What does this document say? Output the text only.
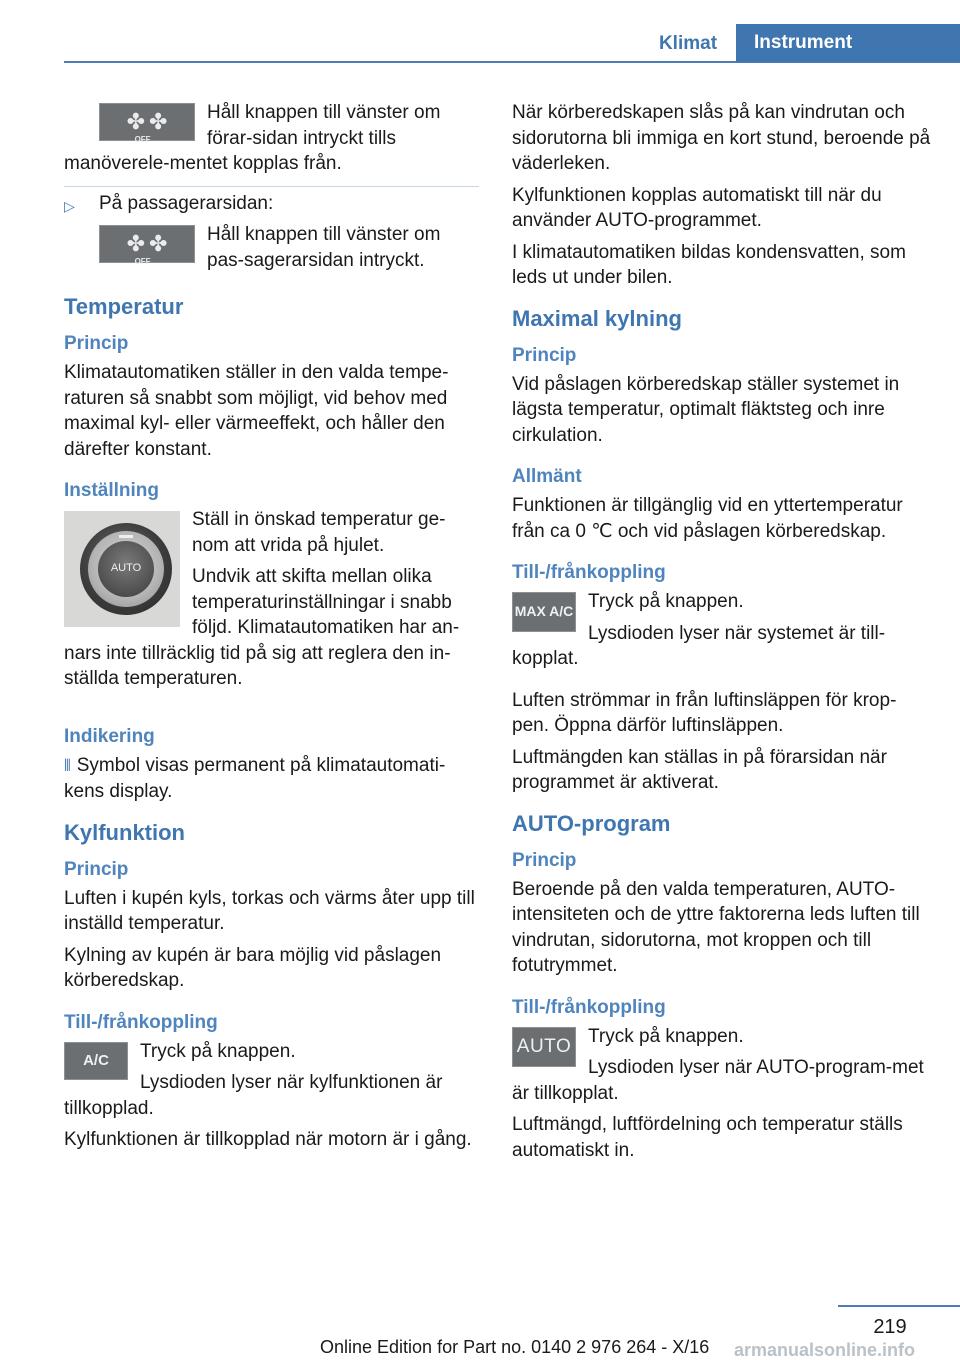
Klimat	Instrument
✤
OFF
✤	Håll knappen till vänster om förar-sidan intryckt tills manöverele-mentet kopplas från.

▷ På passagerarsidan:

✤
OFF
✤	Håll knappen till vänster om pas-sagerarsidan intryckt.

Temperatur
Princip

Klimatautomatiken ställer in den valda tempe-raturen så snabbt som möjligt, vid behov med maximal kyl- eller värmeeffekt, och håller den därefter konstant.

Inställning
AUTO

Ställ in önskad temperatur ge-nom att vrida på hjulet.

Undvik att skifta mellan olika temperaturinställningar i snabb följd. Klimatautomatiken har an-nars inte tillräcklig tid på sig att reglera den in-ställda temperaturen.

Indikering

⫴ Symbol visas permanent på klimatautomati-kens display.

Kylfunktion
Princip

Luften i kupén kyls, torkas och värms åter upp till inställd temperatur.

Kylning av kupén är bara möjlig vid påslagen körberedskap.

Till-/frånkoppling
A/C	Tryck på knappen.

Lysdioden lyser när kylfunktionen är tillkopplad.

Kylfunktionen är tillkopplad när motorn är i gång.

När körberedskapen slås på kan vindrutan och sidorutorna bli immiga en kort stund, beroende på väderleken.

Kylfunktionen kopplas automatiskt till när du använder AUTO-programmet.

I klimatautomatiken bildas kondensvatten, som leds ut under bilen.

Maximal kylning
Princip

Vid påslagen körberedskap ställer systemet in lägsta temperatur, optimalt fläktsteg och inre cirkulation.

Allmänt

Funktionen är tillgänglig vid en yttertemperatur från ca 0 ℃ och vid påslagen körberedskap.

Till-/frånkoppling
MAX A/C Tryck på knappen.

Lysdioden lyser när systemet är till-kopplat.

Luften strömmar in från luftinsläppen för krop-pen. Öppna därför luftinsläppen.

Luftmängden kan ställas in på förarsidan när programmet är aktiverat.

AUTO-program
Princip

Beroende på den valda temperaturen, AUTO-intensiteten och de yttre faktorerna leds luften till vindrutan, sidorutorna, mot kroppen och till fotutrymmet.

Till-/frånkoppling
AUTO Tryck på knappen.

Lysdioden lyser när AUTO-program-met är tillkopplat.

Luftmängd, luftfördelning och temperatur ställs automatiskt in.

219
Online Edition for Part no. 0140 2 976 264 - X/16 armanualsonline.info
